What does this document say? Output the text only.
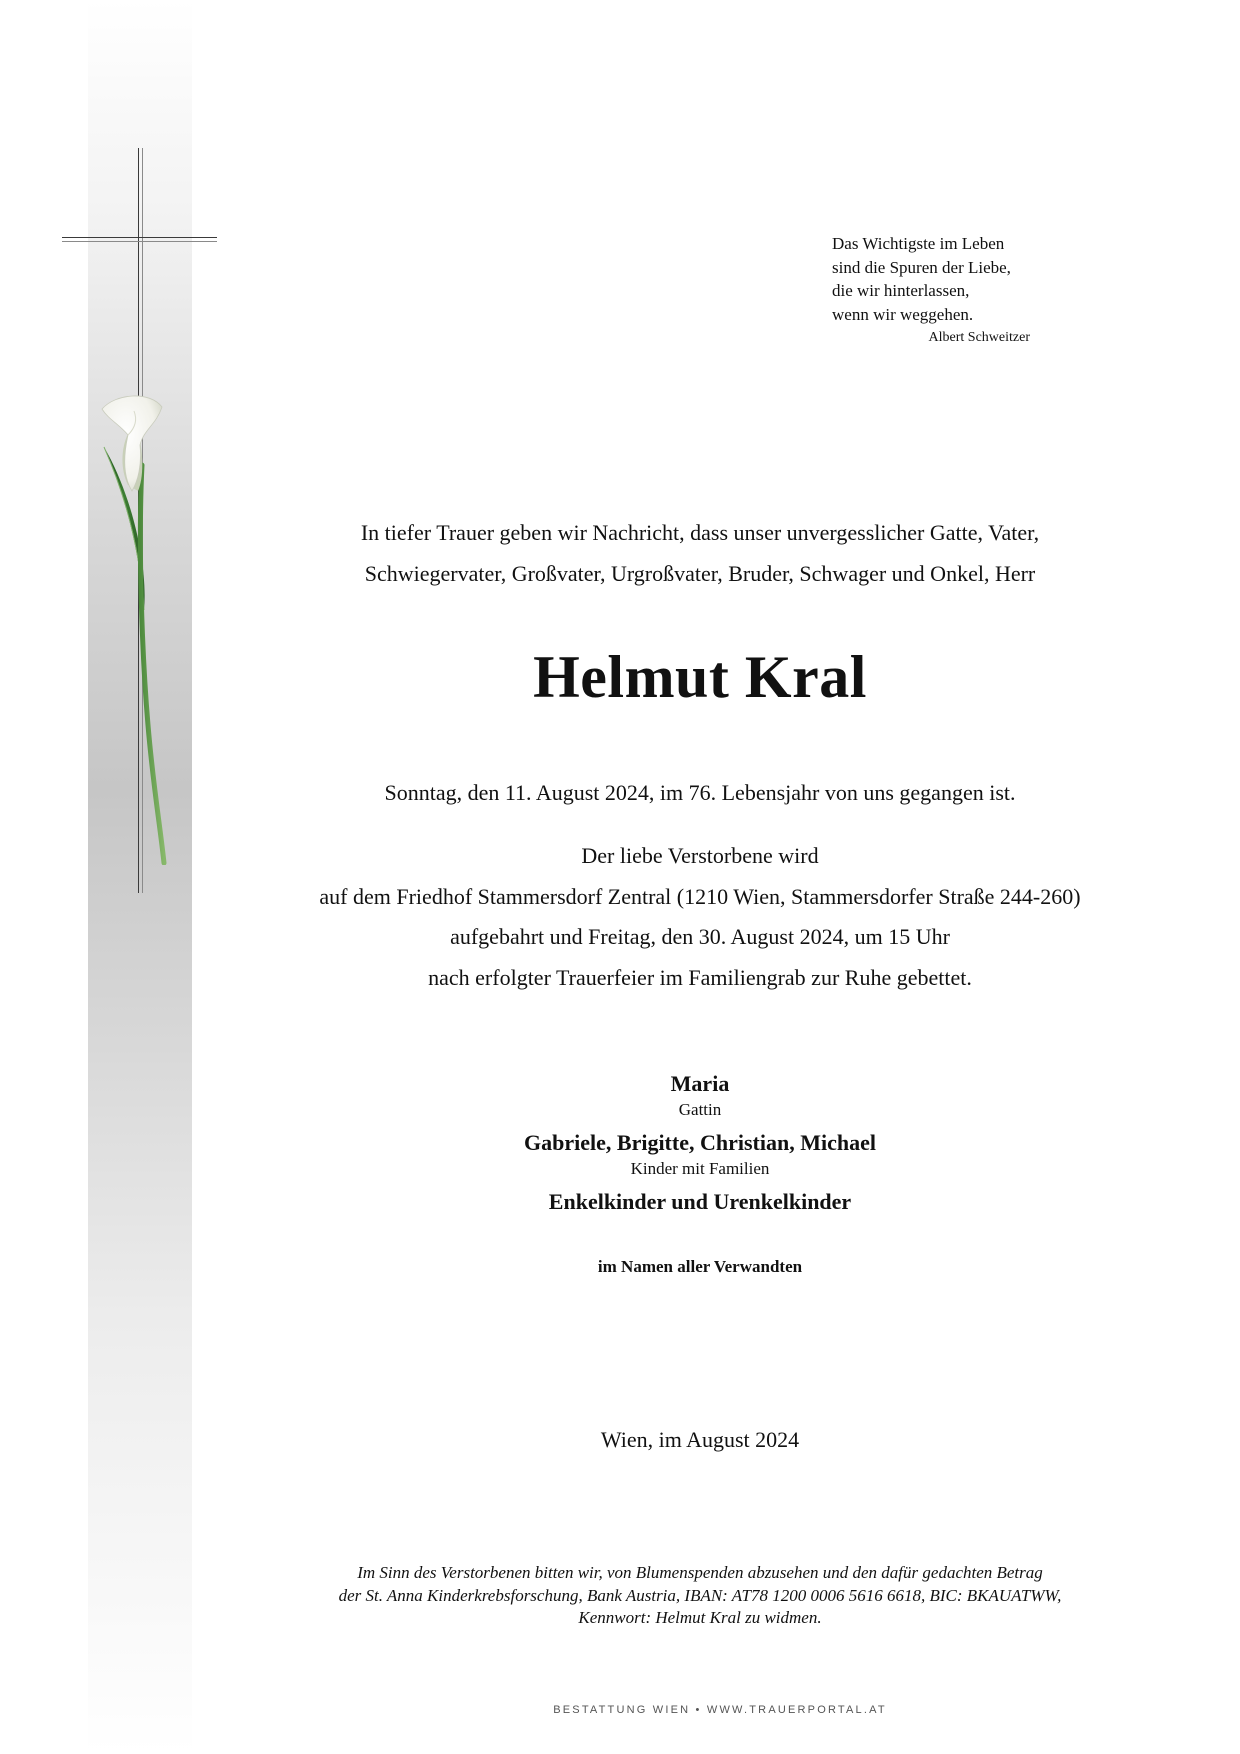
Das Wichtigste im Leben
sind die Spuren der Liebe,
die wir hinterlassen,
wenn wir weggehen.
Albert Schweitzer
In tiefer Trauer geben wir Nachricht, dass unser unvergesslicher Gatte, Vater,
Schwiegervater, Großvater, Urgroßvater, Bruder, Schwager und Onkel, Herr
Helmut Kral
Sonntag, den 11. August 2024, im 76. Lebensjahr von uns gegangen ist.
Der liebe Verstorbene wird
auf dem Friedhof Stammersdorf Zentral (1210 Wien, Stammersdorfer Straße 244-260)
aufgebahrt und Freitag, den 30. August 2024, um 15 Uhr
nach erfolgter Trauerfeier im Familiengrab zur Ruhe gebettet.
Maria
Gattin
Gabriele, Brigitte, Christian, Michael
Kinder mit Familien
Enkelkinder und Urenkelkinder
im Namen aller Verwandten
Wien, im August 2024
Im Sinn des Verstorbenen bitten wir, von Blumenspenden abzusehen und den dafür gedachten Betrag
der St. Anna Kinderkrebsforschung, Bank Austria, IBAN: AT78 1200 0006 5616 6618, BIC: BKAUATWW,
Kennwort: Helmut Kral zu widmen.
BESTATTUNG WIEN • WWW.TRAUERPORTAL.AT
